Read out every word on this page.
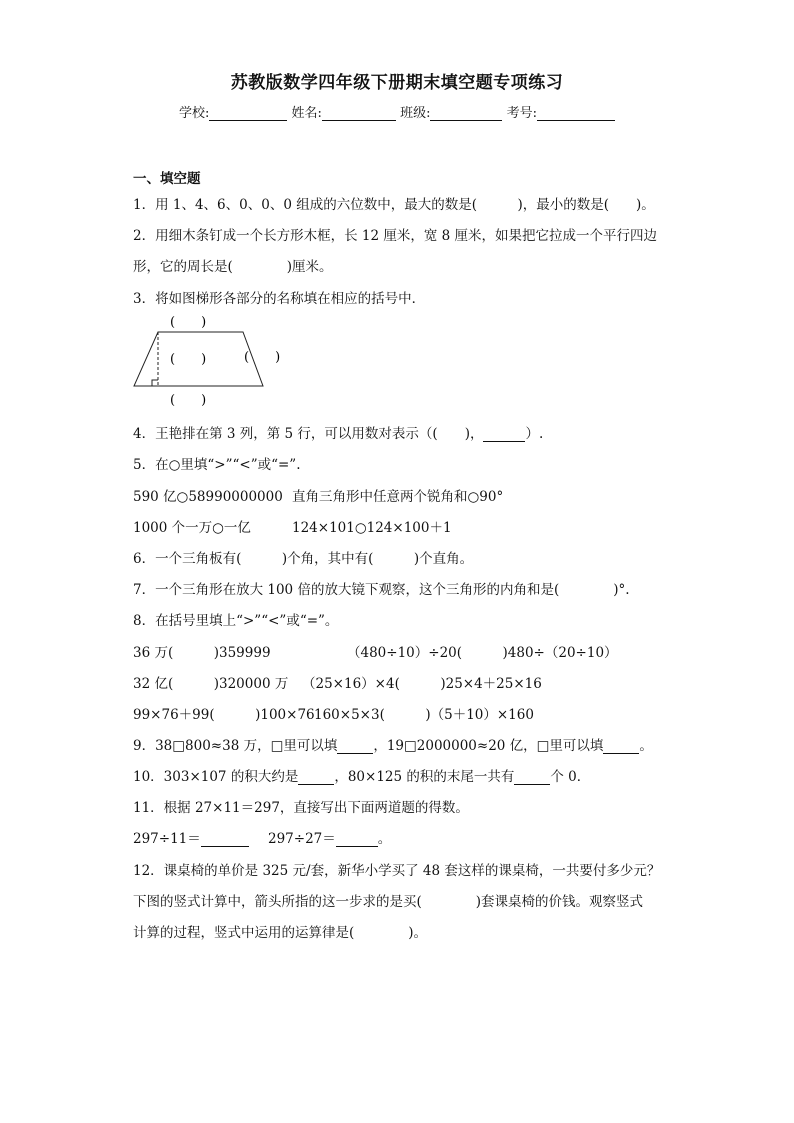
苏教版数学四年级下册期末填空题专项练习
学校:	姓名:	班级:	考号:
一、填空题
1．用 1、4、6、0、0、0 组成的六位数中，最大的数是(　　　)，最小的数是(　　)。
2．用细木条钉成一个长方形木框，长 12 厘米，宽 8 厘米，如果把它拉成一个平行四边
形，它的周长是(　　　　)厘米。
3．将如图梯形各部分的名称填在相应的括号中．
(　　)
(　　)	(　　)
(　　)
4．王艳排在第 3 列，第 5 行，可以用数对表示（(　　)，	）.
5．在○里填“>”“<”或“=”.
590 亿○58990000000 直角三角形中任意两个锐角和○90°
1000 个一万○一亿	124×101○124×100＋1
6．一个三角板有(　　　)个角，其中有(　　　)个直角。
7．一个三角形在放大 100 倍的放大镜下观察，这个三角形的内角和是(　　　　)°.
8．在括号里填上“>”“<”或“=”。
36 万(　　　)359999	（480÷10）÷20(　　　)480÷（20÷10）
32 亿(　　　)320000 万 （25×16）×4(　　　)25×4＋25×16
99×76＋99(　　　)100×76 160×5×3(　　　)（5＋10）×160
9．38□800≈38 万，□里可以填	，19□2000000≈20 亿，□里可以填	。
10．303×107 的积大约是	，80×125 的积的末尾一共有	个 0．
11．根据 27×11＝297，直接写出下面两道题的得数。
297÷11＝	297÷27＝	。
12．课桌椅的单价是 325 元/套，新华小学买了 48 套这样的课桌椅，一共要付多少元？
下图的竖式计算中，箭头所指的这一步求的是买(　　　　)套课桌椅的价钱。观察竖式
计算的过程，竖式中运用的运算律是(　　　　)。
